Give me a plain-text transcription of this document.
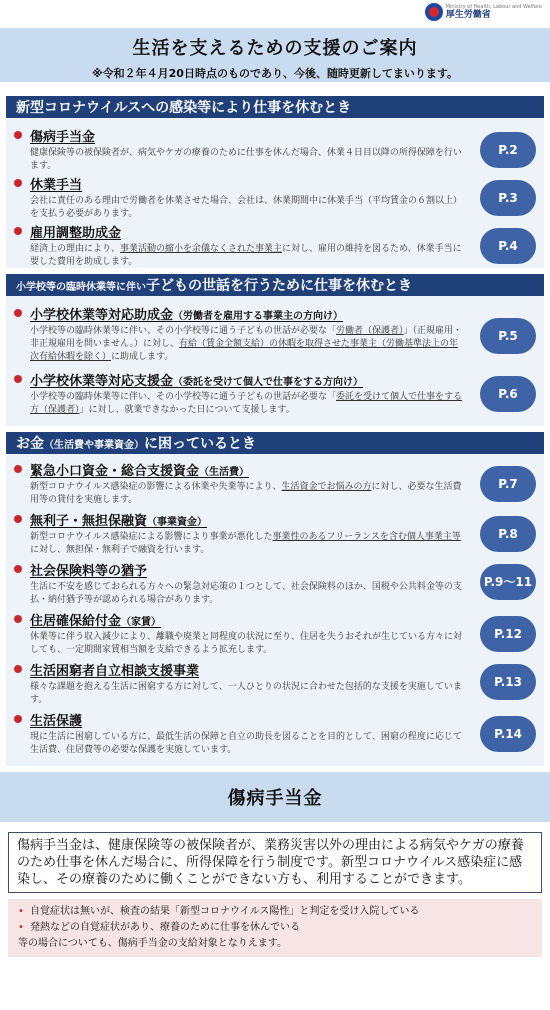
Ministry of Health, Labour and Welfare
厚生労働省
生活を支えるための支援のご案内
※令和２年４月20日時点のものであり、今後、随時更新してまいります。
新型コロナウイルスへの感染等により仕事を休むとき
傷病手当金
健康保険等の被保険者が、病気やケガの療養のために仕事を休んだ場合、休業４日目以降の所得保障を行います。
P.2
休業手当
会社に責任のある理由で労働者を休業させた場合、会社は、休業期間中に休業手当（平均賃金の６割以上）を支払う必要があります。
P.3
雇用調整助成金
経済上の理由により、事業活動の縮小を余儀なくされた事業主に対し、雇用の維持を図るため、休業手当に要した費用を助成します。
P.4
小学校等の臨時休業等に伴い 子どもの世話を行うために仕事を休むとき
小学校休業等対応助成金（労働者を雇用する事業主の方向け）
小学校等の臨時休業等に伴い、その小学校等に通う子どもの世話が必要な「労働者（保護者）」（正規雇用・非正規雇用を問いません。）に対し、有給（賃金全額支給）の休暇を取得させた事業主（労働基準法上の年次有給休暇を除く）に助成します。
P.5
小学校休業等対応支援金（委託を受けて個人で仕事をする方向け）
小学校等の臨時休業等に伴い、その小学校等に通う子どもの世話が必要な「委託を受けて個人で仕事をする方（保護者）」に対し、就業できなかった日について支援します。
P.6
お金 （生活費や事業資金） に困っているとき
緊急小口資金・総合支援資金（生活費）
新型コロナウイルス感染症の影響による休業や失業等により、生活資金でお悩みの方に対し、必要な生活費用等の貸付を実施します。
P.7
無利子・無担保融資（事業資金）
新型コロナウイルス感染症による影響により事業が悪化した事業性のあるフリーランスを含む個人事業主等に対し、無担保・無利子で融資を行います。
P.8
社会保険料等の猶予
生活に不安を感じておられる方々への緊急対応策の１つとして、社会保険料のほか、国税や公共料金等の支払・納付猶予等が認められる場合があります。
P.9〜11
住居確保給付金（家賃）
休業等に伴う収入減少により、離職や廃業と同程度の状況に至り、住居を失うおそれが生じている方々に対しても、一定期間家賃相当額を支給できるよう拡充します。
P.12
生活困窮者自立相談支援事業
様々な課題を抱える生活に困窮する方に対して、一人ひとりの状況に合わせた包括的な支援を実施しています。
P.13
生活保護
現に生活に困窮している方に、最低生活の保障と自立の助長を図ることを目的として、困窮の程度に応じて生活費、住居費等の必要な保護を実施しています。
P.14
傷病手当金
傷病手当金は、健康保険等の被保険者が、業務災害以外の理由による病気やケガの療養のため仕事を休んだ場合に、所得保障を行う制度です。新型コロナウイルス感染症に感染し、その療養のために働くことができない方も、利用することができます。
• 自覚症状は無いが、検査の結果「新型コロナウイルス陽性」と判定を受け入院している
• 発熱などの自覚症状があり、療養のために仕事を休んでいる
等の場合についても、傷病手当金の支給対象となりえます。
